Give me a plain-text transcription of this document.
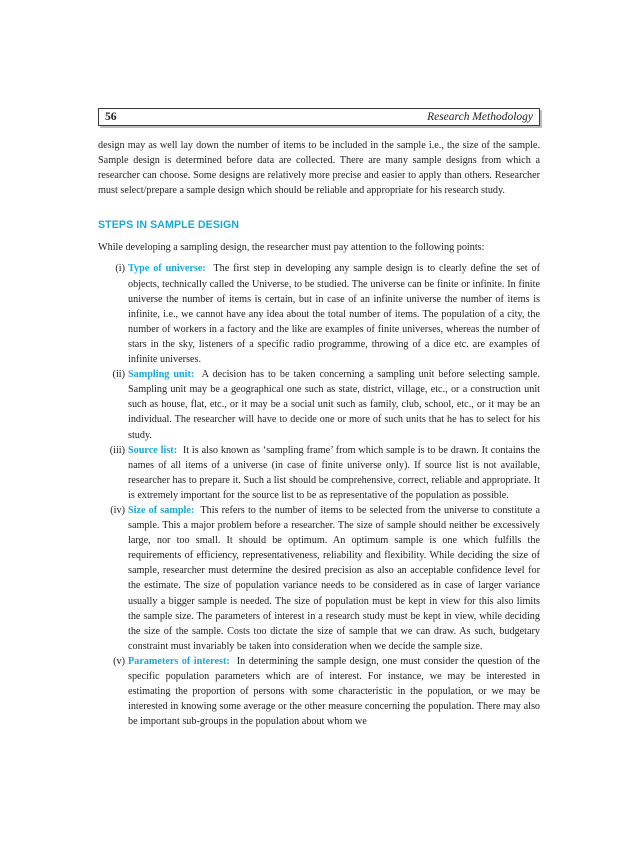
56	Research Methodology

design may as well lay down the number of items to be included in the sample i.e., the size of the sample. Sample design is determined before data are collected. There are many sample designs from which a researcher can choose. Some designs are relatively more precise and easier to apply than others. Researcher must select/prepare a sample design which should be reliable and appropriate for his research study.

STEPS IN SAMPLE DESIGN

While developing a sampling design, the researcher must pay attention to the following points:

(i) Type of universe: The first step in developing any sample design is to clearly define the set of objects, technically called the Universe, to be studied. The universe can be finite or infinite. In finite universe the number of items is certain, but in case of an infinite universe the number of items is infinite, i.e., we cannot have any idea about the total number of items. The population of a city, the number of workers in a factory and the like are examples of finite universes, whereas the number of stars in the sky, listeners of a specific radio programme, throwing of a dice etc. are examples of infinite universes.
(ii) Sampling unit: A decision has to be taken concerning a sampling unit before selecting sample. Sampling unit may be a geographical one such as state, district, village, etc., or a construction unit such as house, flat, etc., or it may be a social unit such as family, club, school, etc., or it may be an individual. The researcher will have to decide one or more of such units that he has to select for his study.
(iii) Source list: It is also known as ‘sampling frame’ from which sample is to be drawn. It contains the names of all items of a universe (in case of finite universe only). If source list is not available, researcher has to prepare it. Such a list should be comprehensive, correct, reliable and appropriate. It is extremely important for the source list to be as representative of the population as possible.
(iv) Size of sample: This refers to the number of items to be selected from the universe to constitute a sample. This a major problem before a researcher. The size of sample should neither be excessively large, nor too small. It should be optimum. An optimum sample is one which fulfills the requirements of efficiency, representativeness, reliability and flexibility. While deciding the size of sample, researcher must determine the desired precision as also an acceptable confidence level for the estimate. The size of population variance needs to be considered as in case of larger variance usually a bigger sample is needed. The size of population must be kept in view for this also limits the sample size. The parameters of interest in a research study must be kept in view, while deciding the size of the sample. Costs too dictate the size of sample that we can draw. As such, budgetary constraint must invariably be taken into consideration when we decide the sample size.
(v) Parameters of interest: In determining the sample design, one must consider the question of the specific population parameters which are of interest. For instance, we may be interested in estimating the proportion of persons with some characteristic in the population, or we may be interested in knowing some average or the other measure concerning the population. There may also be important sub-groups in the population about whom we
